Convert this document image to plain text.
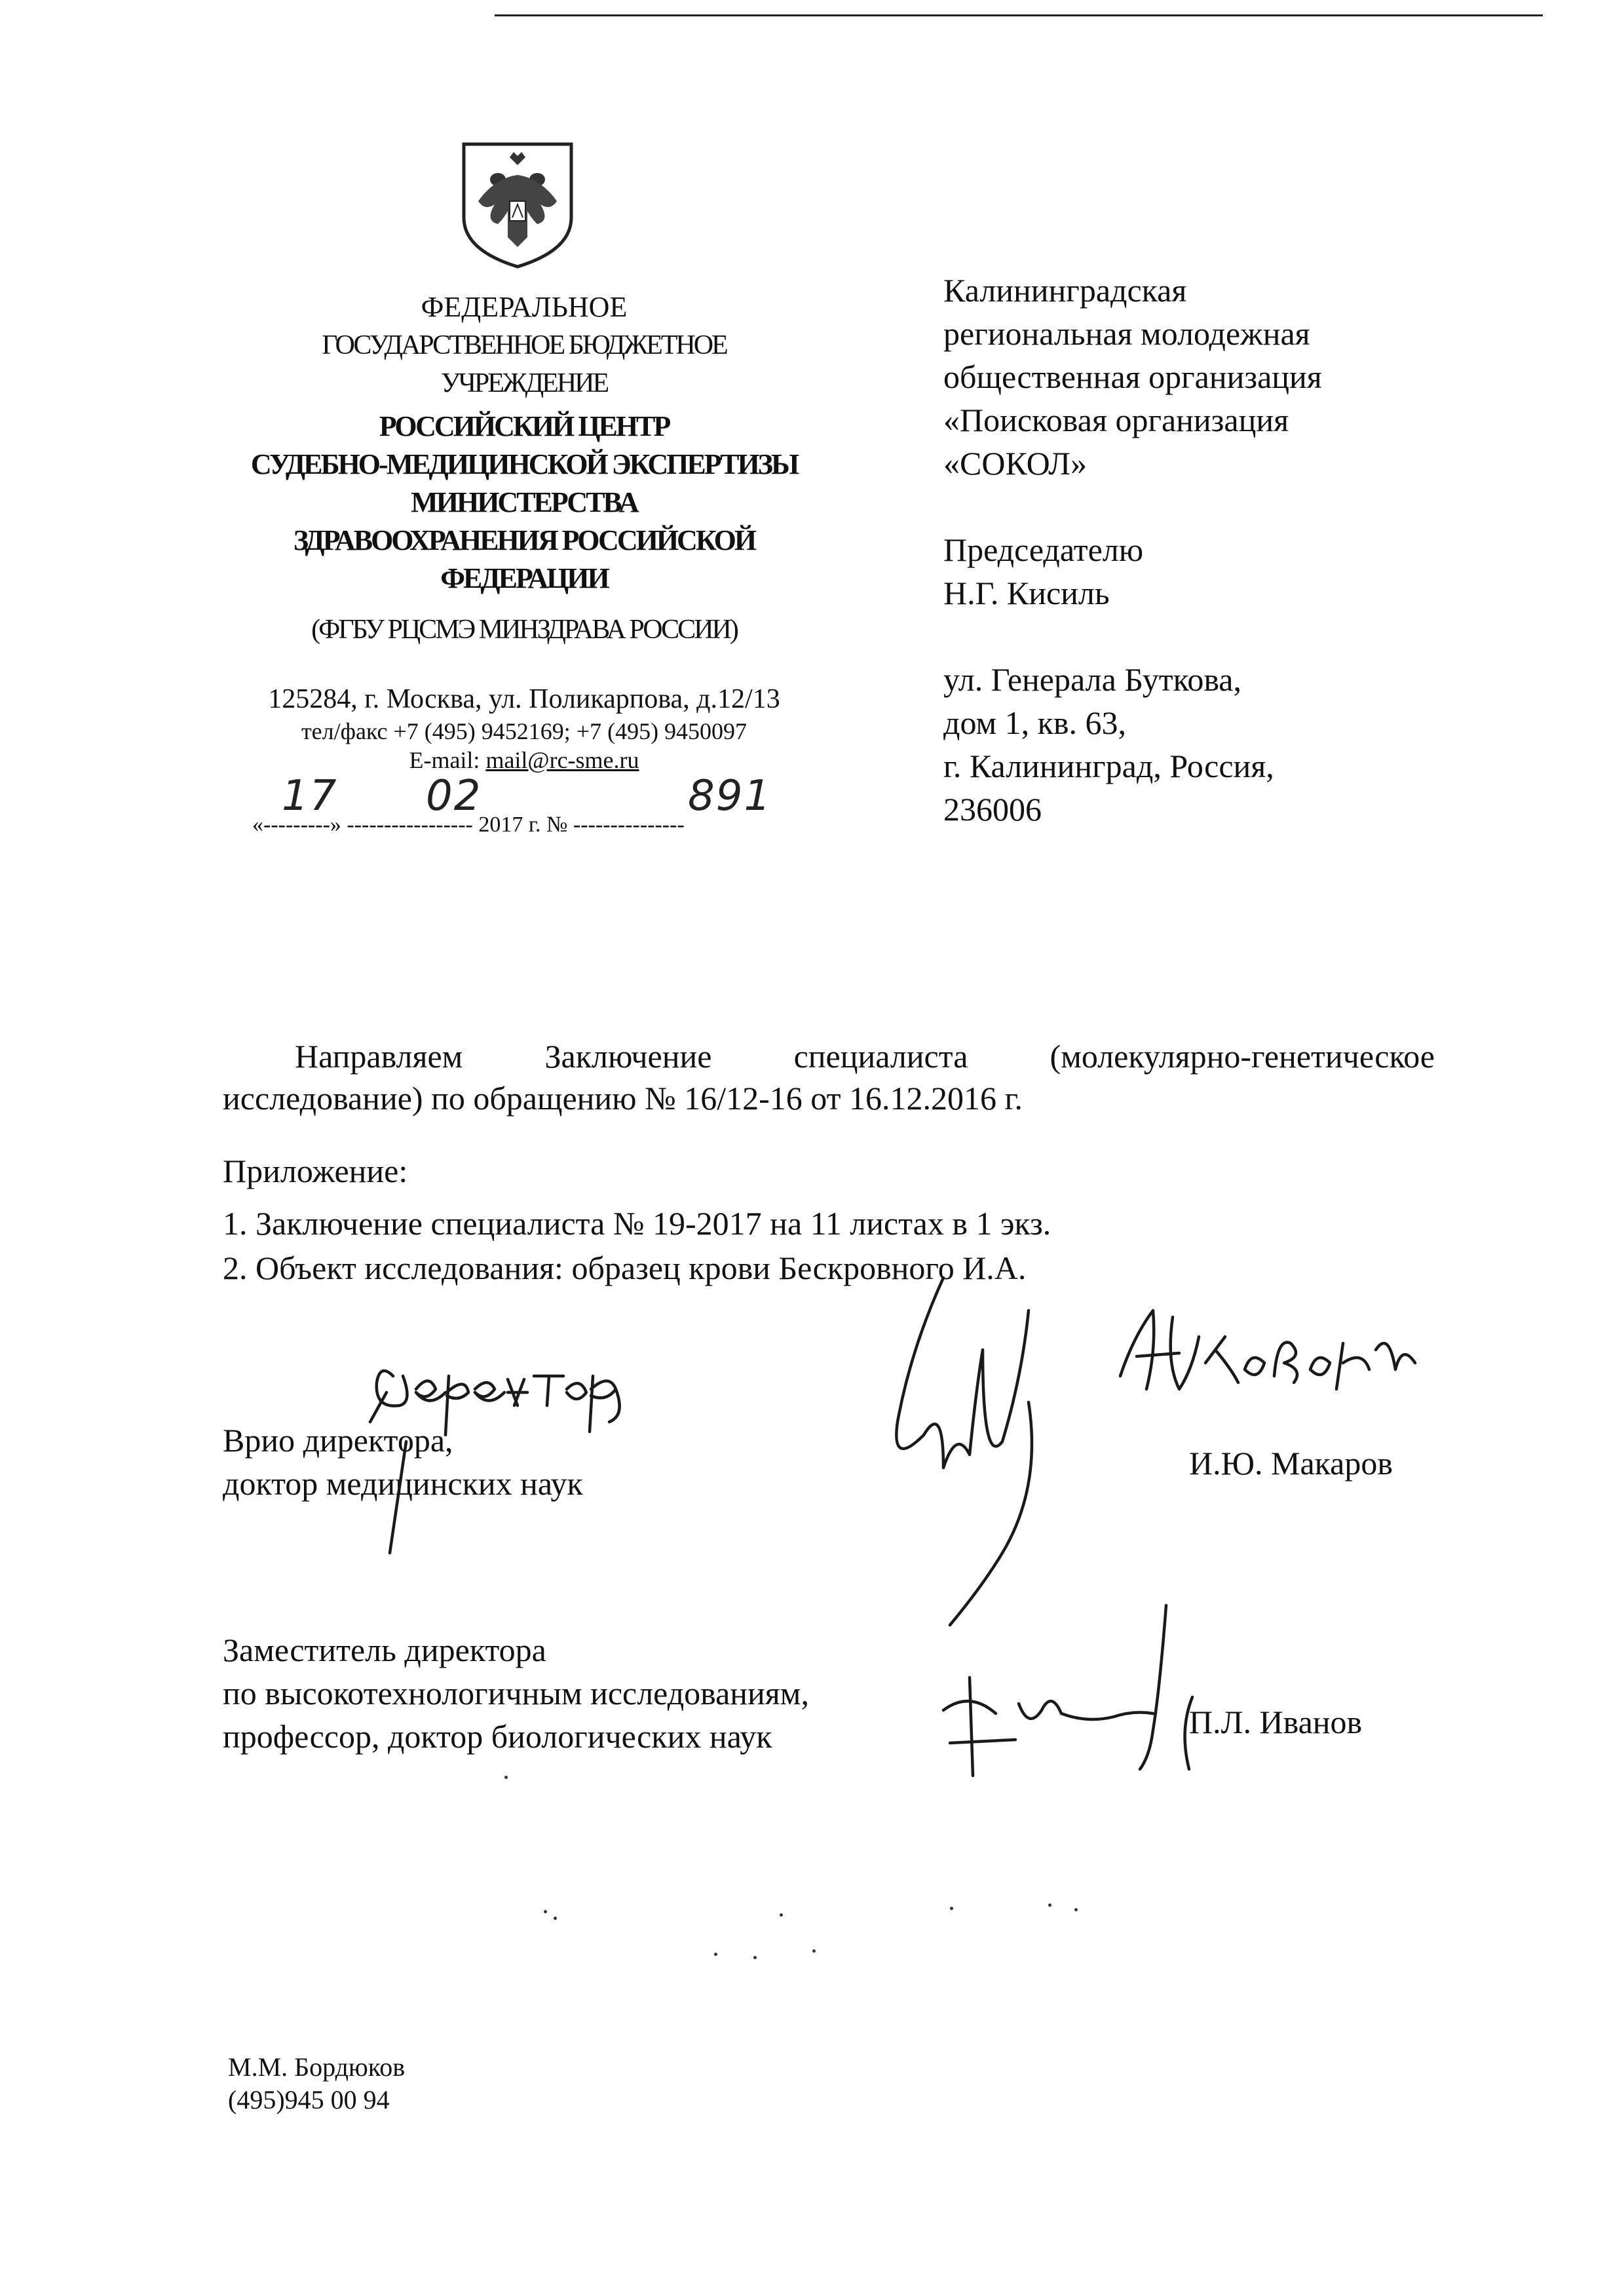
ФЕДЕРАЛЬНОЕ
ГОСУДАРСТВЕННОЕ БЮДЖЕТНОЕ
УЧРЕЖДЕНИЕ
РОССИЙСКИЙ ЦЕНТР
СУДЕБНО-МЕДИЦИНСКОЙ ЭКСПЕРТИЗЫ
МИНИСТЕРСТВА
ЗДРАВООХРАНЕНИЯ РОССИЙСКОЙ
ФЕДЕРАЦИИ
(ФГБУ РЦСМЭ МИНЗДРАВА РОССИИ)
125284, г. Москва, ул. Поликарпова, д.12/13
тел/факс +7 (495) 9452169; +7 (495) 9450097
E-mail: mail@rc-sme.ru
«---------» ----------------- 2017 г. № ---------------
17 02	891
Калининградская
региональная молодежная
общественная организация
«Поисковая организация
«СОКОЛ»
Председателю
Н.Г. Кисиль
ул. Генерала Буткова,
дом 1, кв. 63,
г. Калининград, Россия,
236006
Направляем	Заключение	специалиста	(молекулярно-генетическое
исследование) по обращению № 16/12-16 от 16.12.2016 г.
Приложение:
1. Заключение специалиста № 19-2017 на 11 листах в 1 экз.
2. Объект исследования: образец крови Бескровного И.А.
Врио директора,
доктор медицинских наук
И.Ю. Макаров
Заместитель директора
по высокотехнологичным исследованиям,
профессор, доктор биологических наук	П.Л. Иванов
М.М. Бордюков
(495)945 00 94
